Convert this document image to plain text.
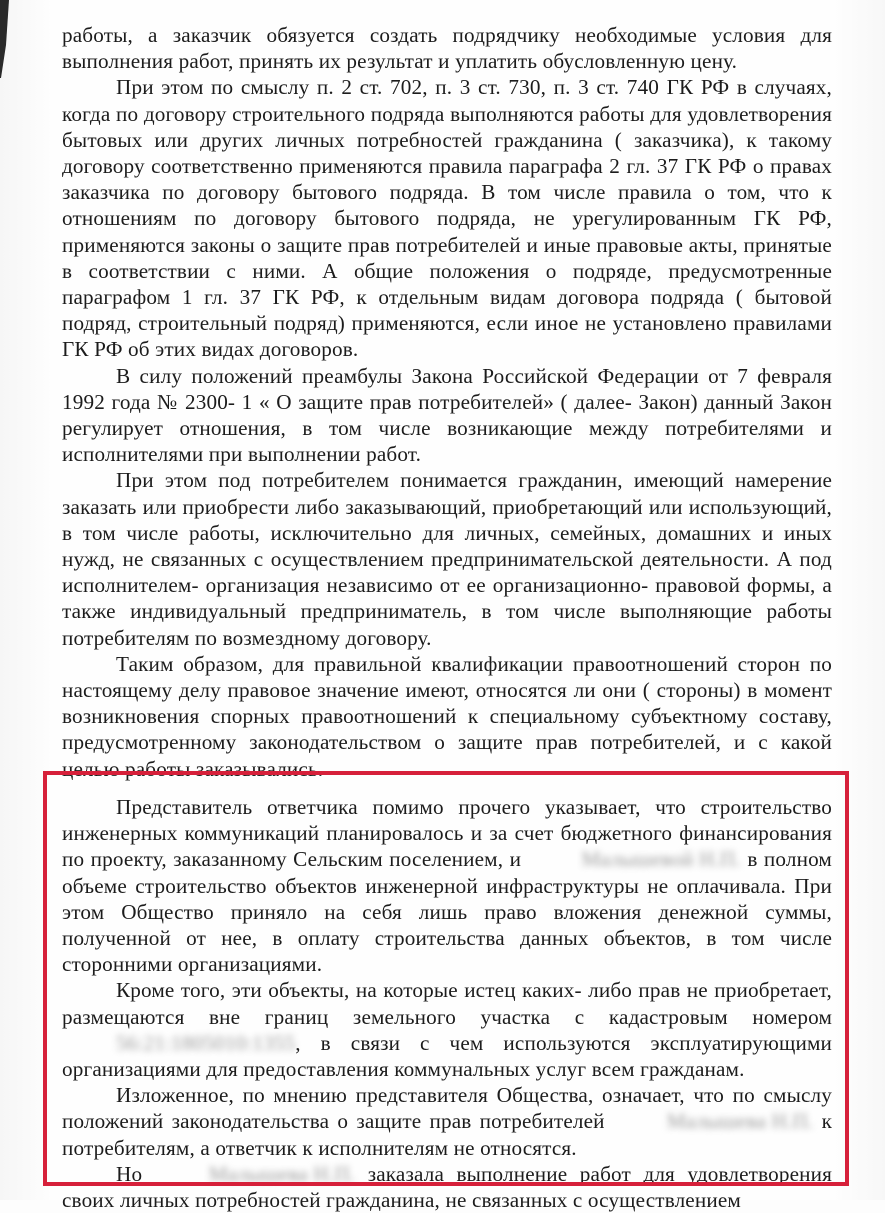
работы, а заказчик обязуется создать подрядчику необходимые условия для выполнения работ, принять их результат и уплатить обусловленную цену.

При этом по смыслу п. 2 ст. 702, п. 3 ст. 730, п. 3 ст. 740 ГК РФ в случаях, когда по договору строительного подряда выполняются работы для удовлетворения бытовых или других личных потребностей гражданина ( заказчика), к такому договору соответственно применяются правила параграфа 2 гл. 37 ГК РФ о правах заказчика по договору бытового подряда. В том числе правила о том, что к отношениям по договору бытового подряда, не урегулированным ГК РФ, применяются законы о защите прав потребителей и иные правовые акты, принятые в соответствии с ними. А общие положения о подряде, предусмотренные параграфом 1 гл. 37 ГК РФ, к отдельным видам договора подряда ( бытовой подряд, строительный подряд) применяются, если иное не установлено правилами ГК РФ об этих видах договоров.

В силу положений преамбулы Закона Российской Федерации от 7 февраля 1992 года № 2300- 1 « О защите прав потребителей» ( далее- Закон) данный Закон регулирует отношения, в том числе возникающие между потребителями и исполнителями при выполнении работ.

При этом под потребителем понимается гражданин, имеющий намерение заказать или приобрести либо заказывающий, приобретающий или использующий, в том числе работы, исключительно для личных, семейных, домашних и иных нужд, не связанных с осуществлением предпринимательской деятельности. А под исполнителем- организация независимо от ее организационно- правовой формы, а также индивидуальный предприниматель, в том числе выполняющие работы потребителям по возмездному договору.

Таким образом, для правильной квалификации правоотношений сторон по настоящему делу правовое значение имеют, относятся ли они ( стороны) в момент возникновения спорных правоотношений к специальному субъектному составу, предусмотренному законодательством о защите прав потребителей, и с какой целью работы заказывались.

Представитель ответчика помимо прочего указывает, что строительство инженерных коммуникаций планировалось и за счет бюджетного финансирования по проекту, заказанному Сельским поселением, и	Малышевой Н.П. в полном объеме строительство объектов инженерной инфраструктуры не оплачивала. При этом Общество приняло на себя лишь право вложения денежной суммы, полученной от нее, в оплату строительства данных объектов, в том числе сторонними организациями.

Кроме того, эти объекты, на которые истец каких- либо прав не приобретает, размещаются вне границ земельного участка с кадастровым номером 56:21:1805010:1355, в связи с чем используются эксплуатирующими организациями для предоставления коммунальных услуг всем гражданам.

Изложенное, по мнению представителя Общества, означает, что по смыслу положений законодательства о защите прав потребителей	Малышева Н.П. к потребителям, а ответчик к исполнителям не относятся.

Но	Малышева Н.П. заказала выполнение работ для удовлетворения своих личных потребностей гражданина, не связанных с осуществлением
